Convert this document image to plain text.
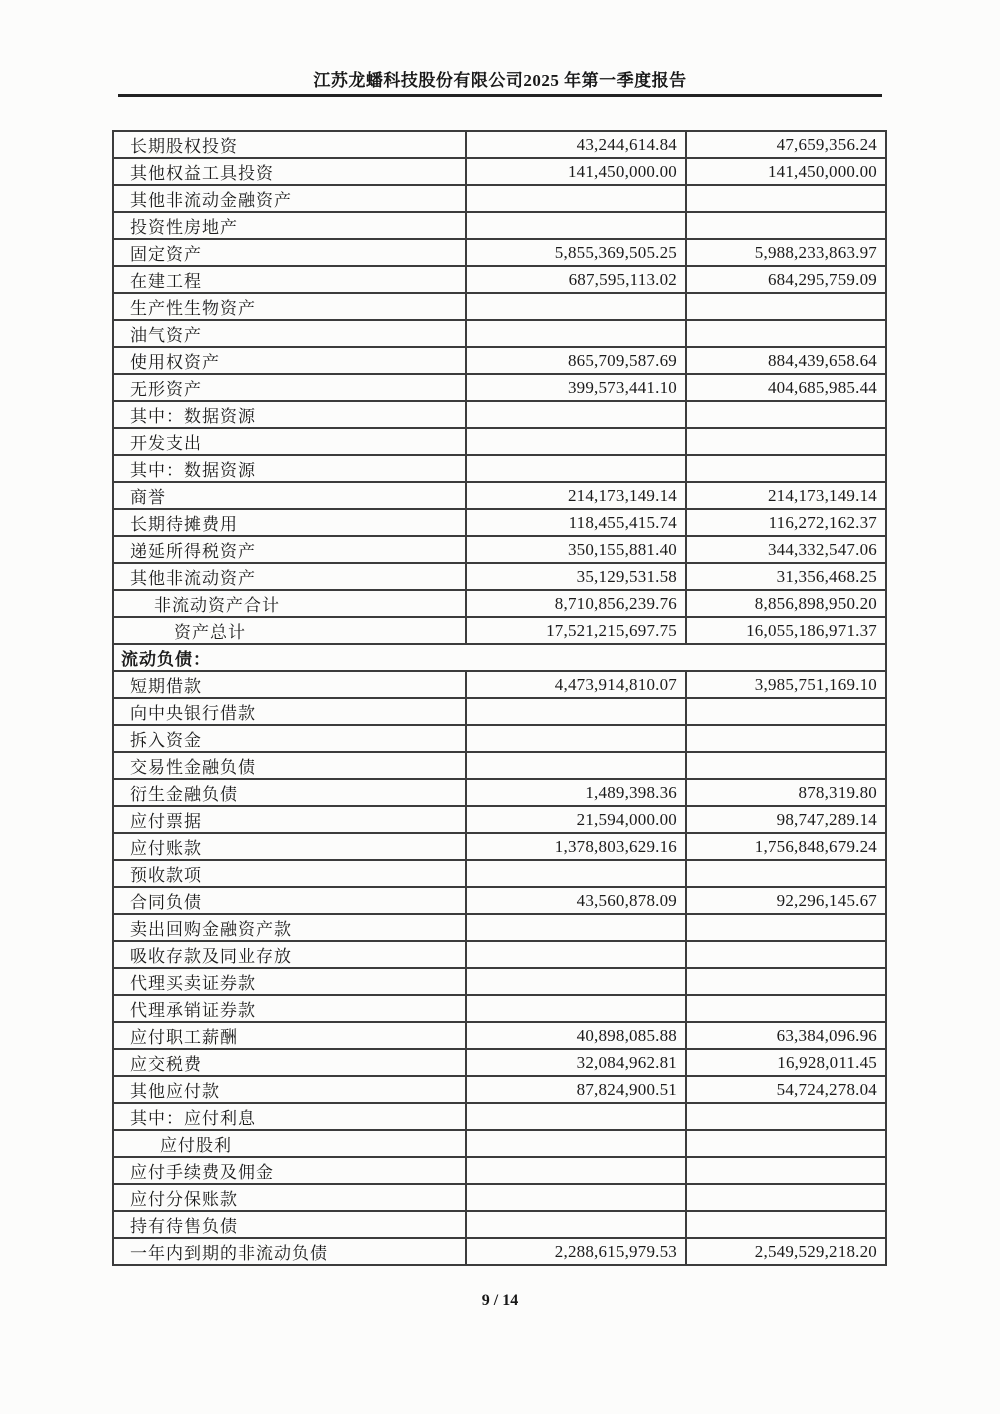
江苏龙蟠科技股份有限公司2025 年第一季度报告
长期股权投资	43,244,614.84	47,659,356.24
其他权益工具投资	141,450,000.00	141,450,000.00
其他非流动金融资产		
投资性房地产		
固定资产	5,855,369,505.25	5,988,233,863.97
在建工程	687,595,113.02	684,295,759.09
生产性生物资产		
油气资产		
使用权资产	865,709,587.69	884,439,658.64
无形资产	399,573,441.10	404,685,985.44
其中：数据资源		
开发支出		
其中：数据资源		
商誉	214,173,149.14	214,173,149.14
长期待摊费用	118,455,415.74	116,272,162.37
递延所得税资产	350,155,881.40	344,332,547.06
其他非流动资产	35,129,531.58	31,356,468.25
非流动资产合计	8,710,856,239.76	8,856,898,950.20
资产总计	17,521,215,697.75	16,055,186,971.37
流动负债：		
短期借款	4,473,914,810.07	3,985,751,169.10
向中央银行借款		
拆入资金		
交易性金融负债		
衍生金融负债	1,489,398.36	878,319.80
应付票据	21,594,000.00	98,747,289.14
应付账款	1,378,803,629.16	1,756,848,679.24
预收款项		
合同负债	43,560,878.09	92,296,145.67
卖出回购金融资产款		
吸收存款及同业存放		
代理买卖证券款		
代理承销证券款		
应付职工薪酬	40,898,085.88	63,384,096.96
应交税费	32,084,962.81	16,928,011.45
其他应付款	87,824,900.51	54,724,278.04
其中：应付利息		
应付股利		
应付手续费及佣金		
应付分保账款		
持有待售负债		
一年内到期的非流动负债	2,288,615,979.53	2,549,529,218.20
9 / 14
